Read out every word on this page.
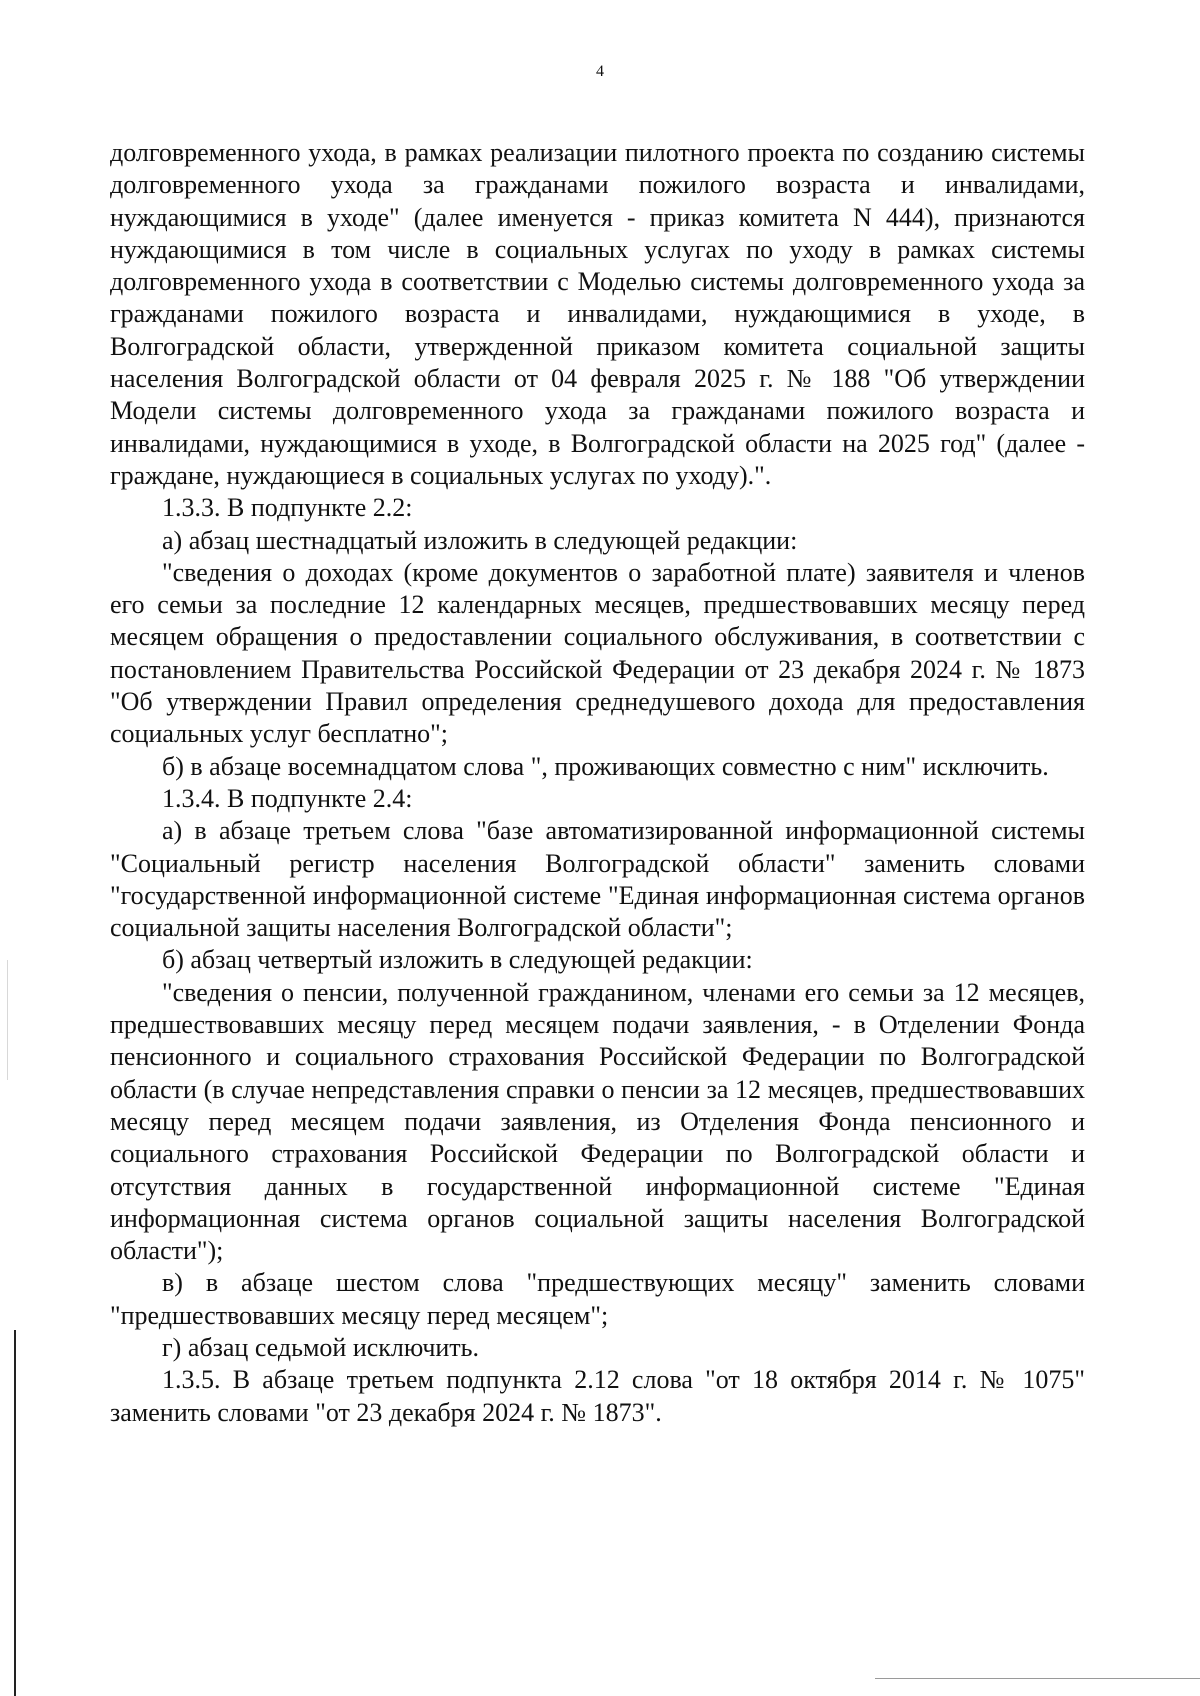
4

долговременного ухода, в рамках реализации пилотного проекта по созданию системы долговременного ухода за гражданами пожилого возраста и инвалидами, нуждающимися в уходе" (далее именуется - приказ комитета N 444), признаются нуждающимися в том числе в социальных услугах по уходу в рамках системы долговременного ухода в соответствии с Моделью системы долговременного ухода за гражданами пожилого возраста и инвалидами, нуждающимися в уходе, в Волгоградской области, утвержденной приказом комитета социальной защиты населения Волгоградской области от 04 февраля 2025 г. № 188 "Об утверждении Модели системы долговременного ухода за гражданами пожилого возраста и инвалидами, нуждающимися в уходе, в Волгоградской области на 2025 год" (далее - граждане, нуждающиеся в социальных услугах по уходу).".

1.3.3. В подпункте 2.2:

а) абзац шестнадцатый изложить в следующей редакции:

"сведения о доходах (кроме документов о заработной плате) заявителя и членов его семьи за последние 12 календарных месяцев, предшествовавших месяцу перед месяцем обращения о предоставлении социального обслуживания, в соответствии с постановлением Правительства Российской Федерации от 23 декабря 2024 г. № 1873 "Об утверждении Правил определения среднедушевого дохода для предоставления социальных услуг бесплатно";

б) в абзаце восемнадцатом слова ", проживающих совместно с ним" исключить.

1.3.4. В подпункте 2.4:

а) в абзаце третьем слова "базе автоматизированной информационной системы "Социальный регистр населения Волгоградской области" заменить словами "государственной информационной системе "Единая информационная система органов социальной защиты населения Волгоградской области";

б) абзац четвертый изложить в следующей редакции:

"сведения о пенсии, полученной гражданином, членами его семьи за 12 месяцев, предшествовавших месяцу перед месяцем подачи заявления, - в Отделении Фонда пенсионного и социального страхования Российской Федерации по Волгоградской области (в случае непредставления справки о пенсии за 12 месяцев, предшествовавших месяцу перед месяцем подачи заявления, из Отделения Фонда пенсионного и социального страхования Российской Федерации по Волгоградской области и отсутствия данных в государственной информационной системе "Единая информационная система органов социальной защиты населения Волгоградской области");

в) в абзаце шестом слова "предшествующих месяцу" заменить словами "предшествовавших месяцу перед месяцем";

г) абзац седьмой исключить.

1.3.5. В абзаце третьем подпункта 2.12 слова "от 18 октября 2014 г. № 1075" заменить словами "от 23 декабря 2024 г. № 1873".
